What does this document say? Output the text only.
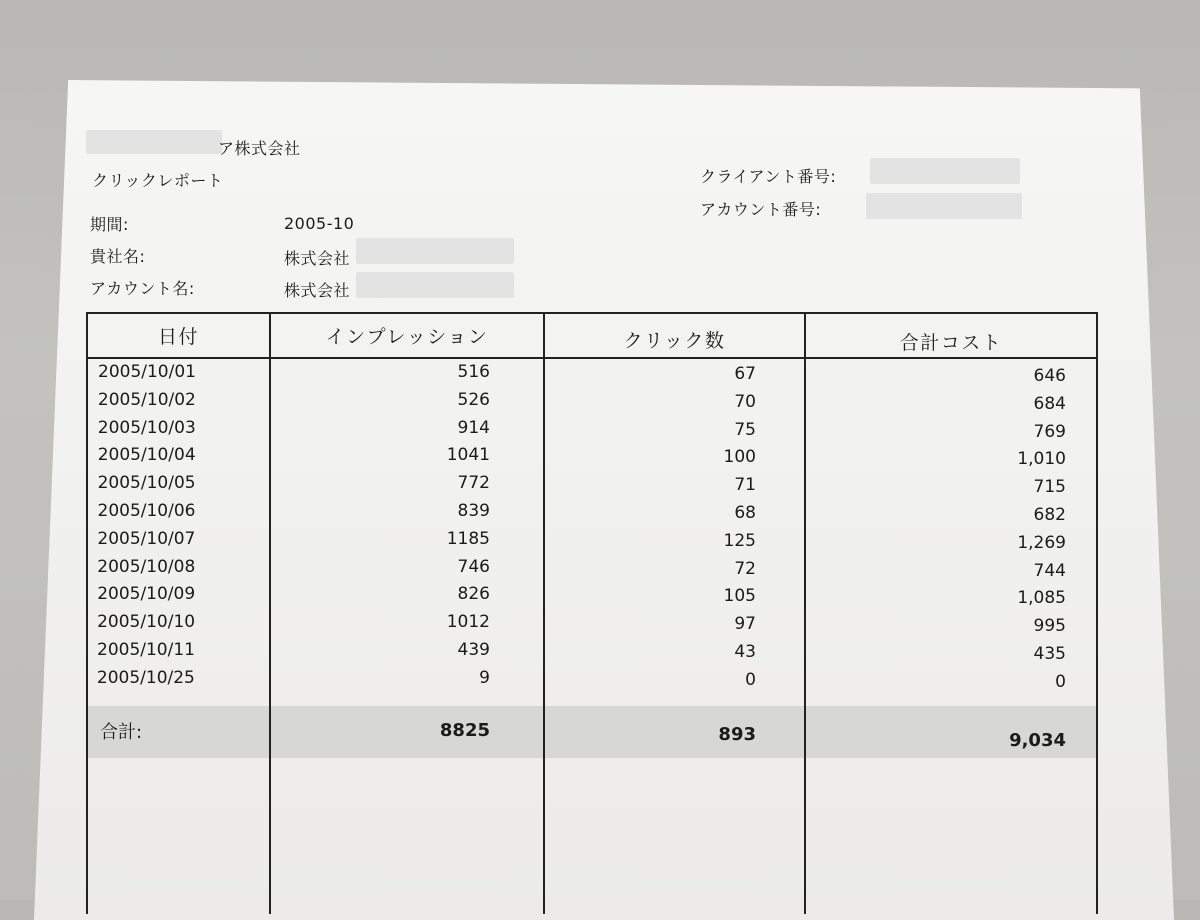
ア株式会社
クリックレポート	クライアント番号:
アカウント番号:
期間:	2005-10
貴社名:	株式会社
アカウント名:	株式会社
日付	インプレッション	クリック数	合計コスト
2005/10/01	516	67	646
2005/10/02	526	70	684
2005/10/03	914	75	769
2005/10/04	1041	100	1,010
2005/10/05	772	71	715
2005/10/06	839	68	682
2005/10/07	1185	125	1,269
2005/10/08	746	72	744
2005/10/09	826	105	1,085
2005/10/10	1012	97	995
2005/10/11	439	43	435
2005/10/25	9	0	0
合計:	8825	893	9,034
